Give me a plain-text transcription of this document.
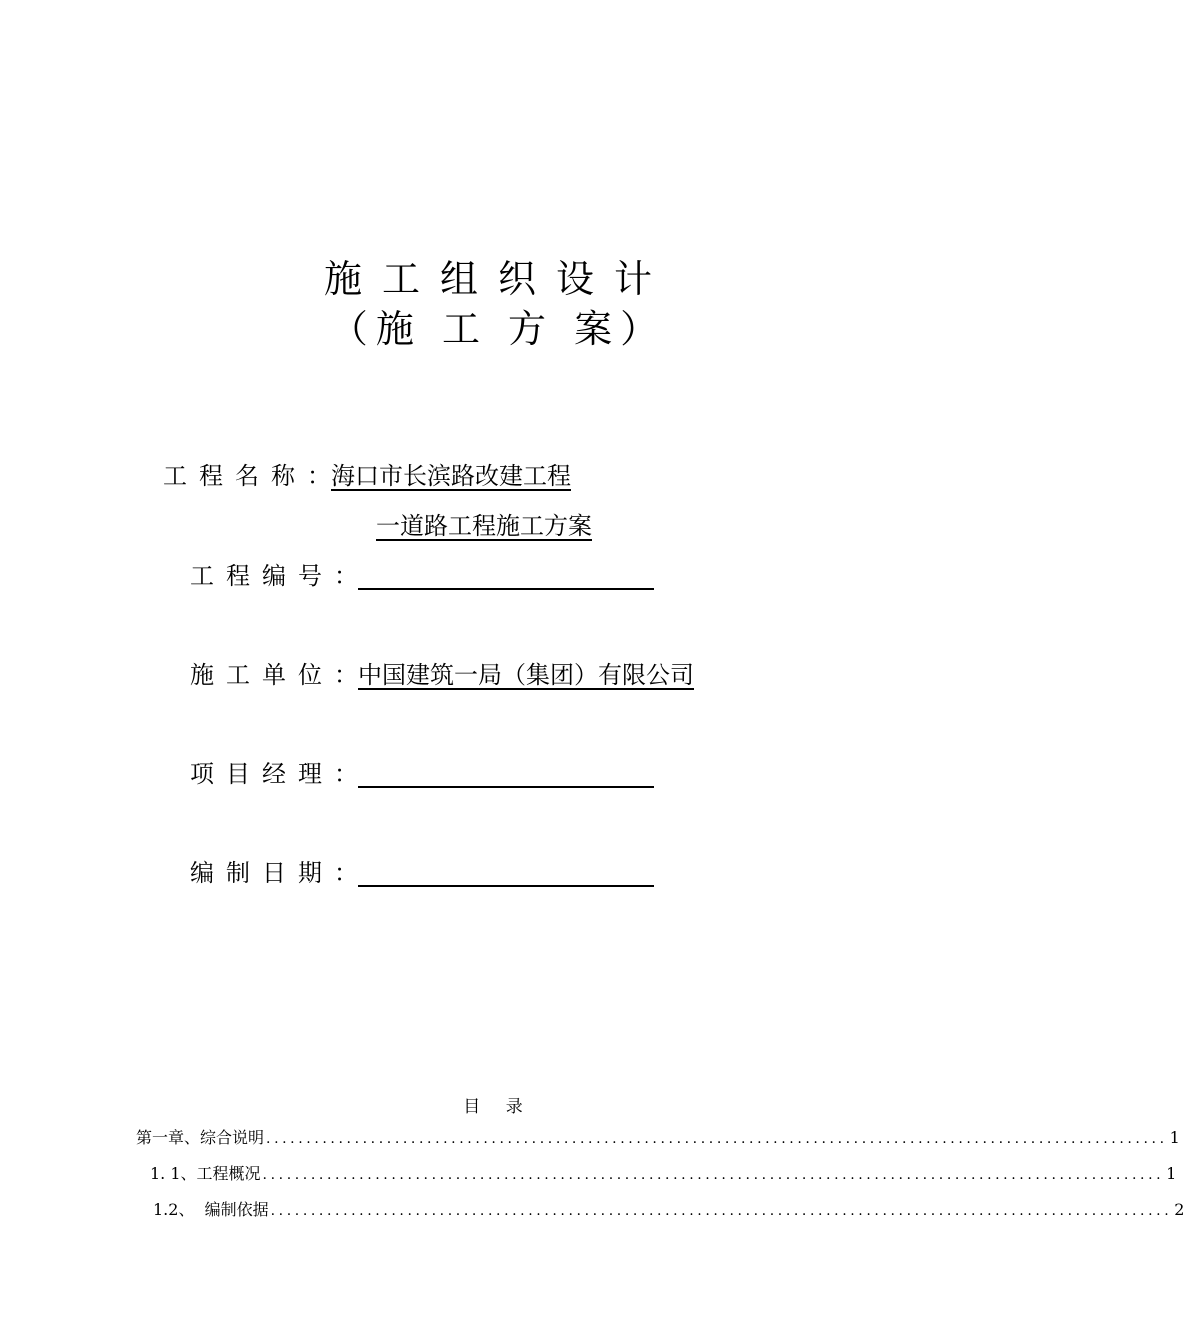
施工组织设计
（施 工 方 案）
工程名称：海口市长滨路改建工程
一道路工程施工方案
工程编号：
施工单位：中国建筑一局（集团）有限公司
项目经理：
编制日期：
目 录
第一章、综合说明 ................................................................................................................ 1
1. 1、工程概况 ................................................................................................................ 1
1.2、  编制依据 ................................................................................................................ 2
